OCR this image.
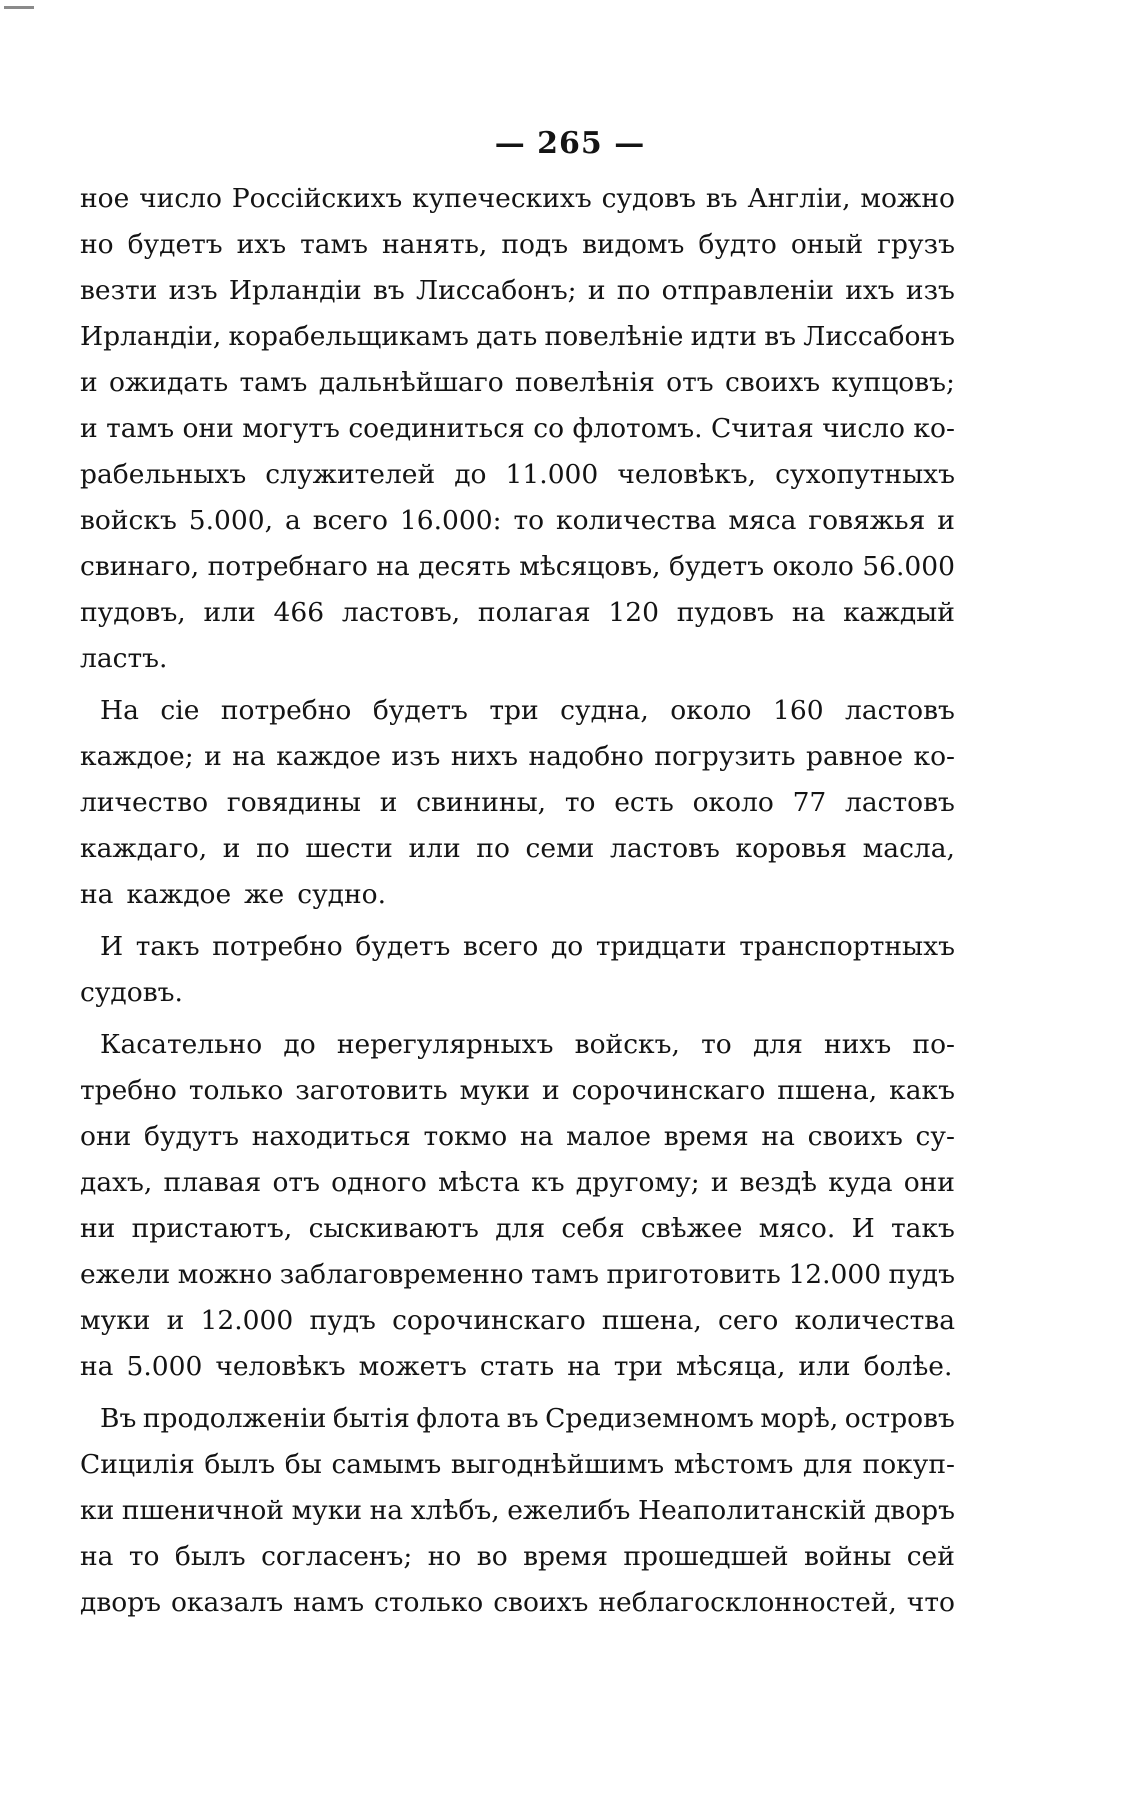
— 265 —
ное число Россійскихъ купеческихъ судовъ въ Англіи, можно
но будетъ ихъ тамъ нанять, подъ видомъ будто оный грузъ
везти изъ Ирландіи въ Лиссабонъ; и по отправленіи ихъ изъ
Ирландіи, корабельщикамъ дать повелѣніе идти въ Лиссабонъ
и ожидать тамъ дальнѣйшаго повелѣнія отъ своихъ купцовъ;
и тамъ они могутъ соединиться со флотомъ. Считая число ко-
рабельныхъ служителей до 11.000 человѣкъ, сухопутныхъ
войскъ 5.000, а всего 16.000: то количества мяса говяжья и
свинаго, потребнаго на десять мѣсяцовъ, будетъ около 56.000
пудовъ, или 466 ластовъ, полагая 120 пудовъ на каждый
ластъ.
На сіе потребно будетъ три судна, около 160 ластовъ
каждое; и на каждое изъ нихъ надобно погрузить равное ко-
личество говядины и свинины, то есть около 77 ластовъ
каждаго, и по шести или по семи ластовъ коровья масла,
на каждое же судно.
И такъ потребно будетъ всего до тридцати транспортныхъ
судовъ.
Касательно до нерегулярныхъ войскъ, то для нихъ по-
требно только заготовить муки и сорочинскаго пшена, какъ
они будутъ находиться токмо на малое время на своихъ су-
дахъ, плавая отъ одного мѣста къ другому; и вездѣ куда они
ни пристаютъ, сыскиваютъ для себя свѣжее мясо. И такъ
ежели можно заблаговременно тамъ приготовить 12.000 пудъ
муки и 12.000 пудъ сорочинскаго пшена, сего количества
на 5.000 человѣкъ можетъ стать на три мѣсяца, или болѣе.
Въ продолженіи бытія флота въ Средиземномъ морѣ, островъ
Сицилія былъ бы самымъ выгоднѣйшимъ мѣстомъ для покуп-
ки пшеничной муки на хлѣбъ, ежелибъ Неаполитанскій дворъ
на то былъ согласенъ; но во время прошедшей войны сей
дворъ оказалъ намъ столько своихъ неблагосклонностей, что
